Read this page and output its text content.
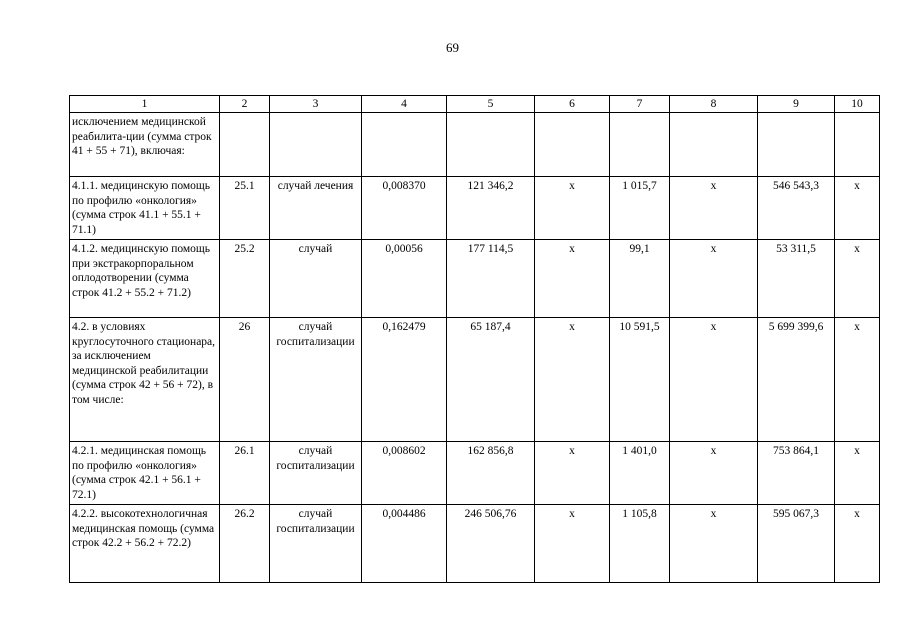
69
1	2	3	4	5	6	7	8	9	10
исключением медицинской реабилита-ции (сумма строк 41 + 55 + 71), включая:									
4.1.1. медицинскую помощь по профилю «онкология» (сумма строк 41.1 + 55.1 + 71.1)	25.1	случай лечения	0,008370	121 346,2	х	1 015,7	х	546 543,3	х
4.1.2. медицинскую помощь при экстракорпоральном оплодотворении (сумма строк 41.2 + 55.2 + 71.2)	25.2	случай	0,00056	177 114,5	х	99,1	х	53 311,5	х
4.2. в условиях круглосуточного стационара, за исключением медицинской реабилитации (сумма строк 42 + 56 + 72), в том числе:	26	случай госпитализации	0,162479	65 187,4	х	10 591,5	х	5 699 399,6	х
4.2.1. медицинская помощь по профилю «онкология» (сумма строк 42.1 + 56.1 + 72.1)	26.1	случай госпитализации	0,008602	162 856,8	х	1 401,0	х	753 864,1	х
4.2.2. высокотехнологичная медицинская помощь (сумма строк 42.2 + 56.2 + 72.2)	26.2	случай госпитализации	0,004486	246 506,76	х	1 105,8	х	595 067,3	х
